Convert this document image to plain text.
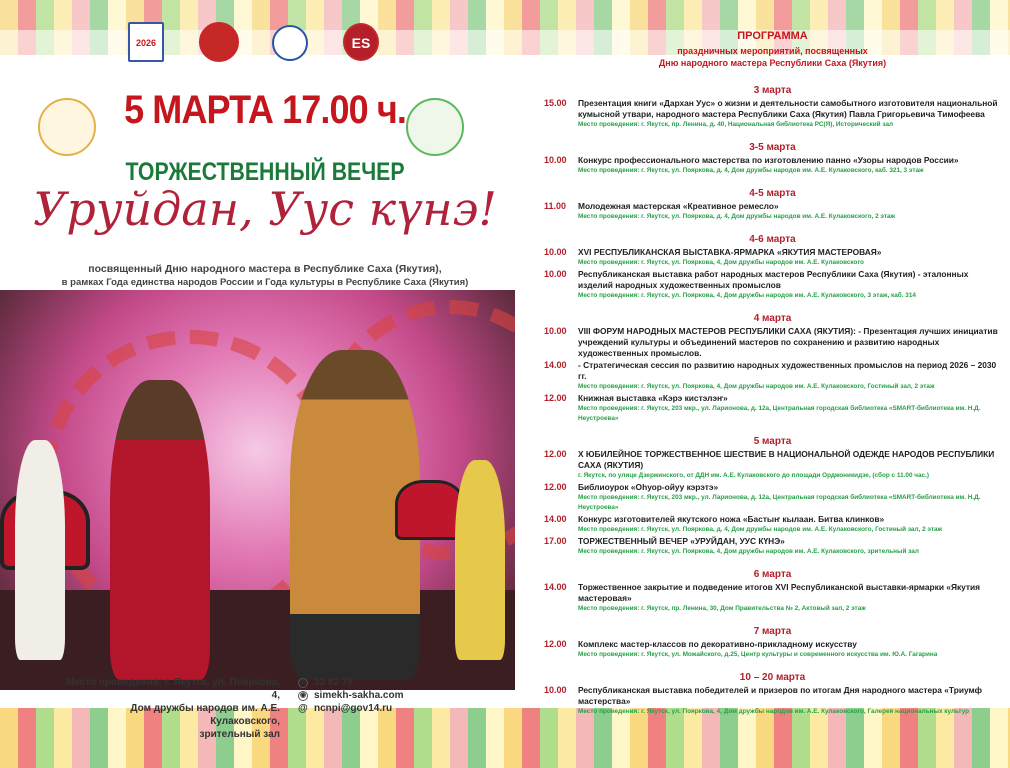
2026	ES
5 МАРТА 17.00 ч.
ТОРЖЕСТВЕННЫЙ ВЕЧЕР
Уруйдан, Уус күнэ!
посвященный Дню народного мастера в Республике Саха (Якутия),
в рамках Года единства народов России и Года культуры в Республике Саха (Якутия)
Место проведения: г. Якутск, ул. Пояркова, 4,
Дом дружбы народов им. А.Е. Кулаковского,
зрительный зал
✆ 32 82 79
◉ simekh-sakha.com
@ ncnpi@gov14.ru
ПРОГРАММА
праздничных мероприятий, посвященных
Дню народного мастера Республики Саха (Якутия)
3 марта
15.00	Презентация книги «Дархан Уус» о жизни и деятельности самобытного изготовителя национальной кумысной утвари, народного мастера Республики Саха (Якутия) Павла Григорьевича Тимофеева
Место проведения: г. Якутск, пр. Ленина, д. 40, Национальная библиотека РС(Я), Исторический зал
3-5 марта
10.00	Конкурс профессионального мастерства по изготовлению панно «Узоры народов России»
Место проведения: г. Якутск, ул. Пояркова, д. 4, Дом дружбы народов им. А.Е. Кулаковского, каб. 321, 3 этаж
4-5 марта
11.00	Молодежная мастерская «Креативное ремесло»
Место проведения: г. Якутск, ул. Пояркова, д. 4, Дом дружбы народов им. А.Е. Кулаковского, 2 этаж
4-6 марта
10.00	XVI РЕСПУБЛИКАНСКАЯ ВЫСТАВКА-ЯРМАРКА «ЯКУТИЯ МАСТЕРОВАЯ»
Место проведения: г. Якутск, ул. Пояркова, 4, Дом дружбы народов им. А.Е. Кулаковского
10.00	Республиканская выставка работ народных мастеров Республики Саха (Якутия) - эталонных изделий народных художественных промыслов
Место проведения: г. Якутск, ул. Пояркова, 4, Дом дружбы народов им. А.Е. Кулаковского, 3 этаж, каб. 314
4 марта
10.00	VIII ФОРУМ НАРОДНЫХ МАСТЕРОВ РЕСПУБЛИКИ САХА (ЯКУТИЯ): - Презентация лучших инициатив учреждений культуры и объединений мастеров по сохранению и развитию народных художественных промыслов.
14.00	- Стратегическая сессия по развитию народных художественных промыслов на период 2026 – 2030 гг.
Место проведения: г. Якутск, ул. Пояркова, 4, Дом дружбы народов им. А.Е. Кулаковского, Гостиный зал, 2 этаж
12.00	Книжная выставка «Кэрэ кистэлэҥ»
Место проведения: г. Якутск, 203 мкр., ул. Ларионова, д. 12а, Центральная городская библиотека «SMART-библиотека им. Н.Д. Неустроева»
5 марта
12.00	X ЮБИЛЕЙНОЕ ТОРЖЕСТВЕННОЕ ШЕСТВИЕ В НАЦИОНАЛЬНОЙ ОДЕЖДЕ НАРОДОВ РЕСПУБЛИКИ САХА (ЯКУТИЯ)
г. Якутск, по улице Дзержинского, от ДДН им. А.Е. Кулаковского до площади Орджоникидзе, (сбор с 11.00 час.)
12.00	Библиоурок «Оһуор-ойуу кэрэтэ»
Место проведения: г. Якутск, 203 мкр., ул. Ларионова, д. 12а, Центральная городская библиотека «SMART-библиотека им. Н.Д. Неустроева»
14.00	Конкурс изготовителей якутского ножа «Бастыҥ кылаан. Битва клинков»
Место проведения: г. Якутск, ул. Пояркова, д. 4, Дом дружбы народов им. А.Е. Кулаковского, Гостиный зал, 2 этаж
17.00	ТОРЖЕСТВЕННЫЙ ВЕЧЕР «УРУЙДАН, УУС КҮНЭ»
Место проведения: г. Якутск, ул. Пояркова, 4, Дом дружбы народов им. А.Е. Кулаковского, зрительный зал
6 марта
14.00	Торжественное закрытие и подведение итогов XVI Республиканской выставки-ярмарки «Якутия мастеровая»
Место проведения: г. Якутск, пр. Ленина, 30, Дом Правительства № 2, Актовый зал, 2 этаж
7 марта
12.00	Комплекс мастер-классов по декоративно-прикладному искусству
Место проведения: г. Якутск, ул. Можайского, д.25, Центр культуры и современного искусства им. Ю.А. Гагарина
10 – 20 марта
10.00	Республиканская выставка победителей и призеров по итогам Дня народного мастера «Триумф мастерства»
Место проведения: г. Якутск, ул. Пояркова, 4, Дом дружбы народов им. А.Е. Кулаковского, Галерея национальных культур
